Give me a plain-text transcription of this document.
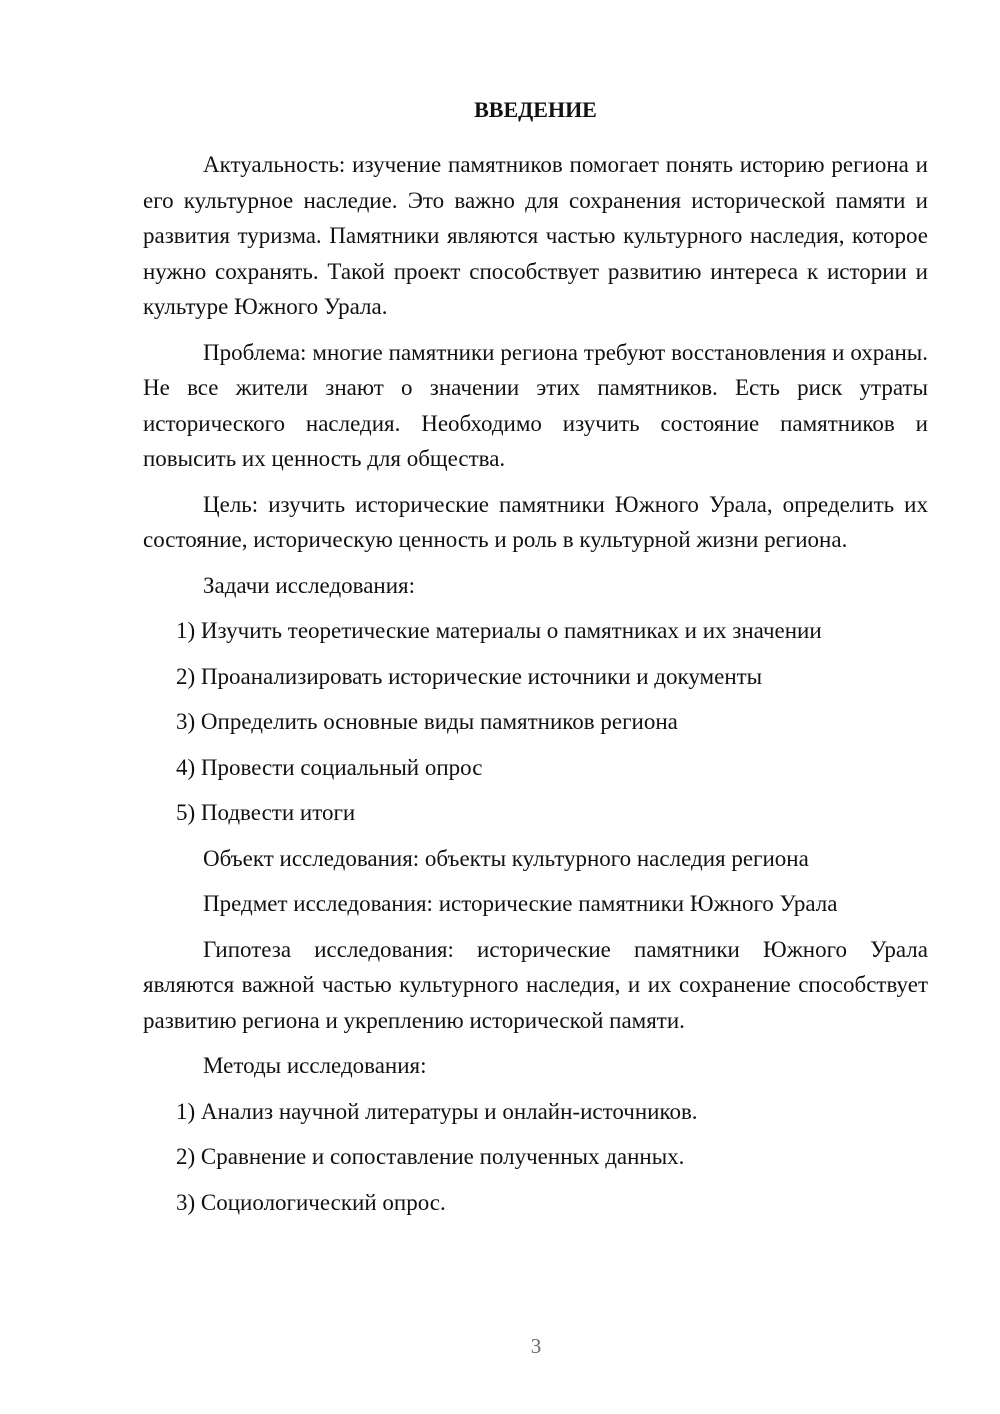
ВВЕДЕНИЕ

Актуальность: изучение памятников помогает понять историю региона и его культурное наследие. Это важно для сохранения исторической памяти и развития туризма. Памятники являются частью культурного наследия, которое нужно сохранять. Такой проект способствует развитию интереса к истории и культуре Южного Урала.

Проблема: многие памятники региона требуют восстановления и охраны. Не все жители знают о значении этих памятников. Есть риск утраты исторического наследия. Необходимо изучить состояние памятников и повысить их ценность для общества.

Цель: изучить исторические памятники Южного Урала, определить их состояние, историческую ценность и роль в культурной жизни региона.

Задачи исследования:

1) Изучить теоретические материалы о памятниках и их значении

2) Проанализировать исторические источники и документы

3) Определить основные виды памятников региона

4) Провести социальный опрос

5) Подвести итоги

Объект исследования: объекты культурного наследия региона

Предмет исследования: исторические памятники Южного Урала

Гипотеза исследования: исторические памятники Южного Урала являются важной частью культурного наследия, и их сохранение способствует развитию региона и укреплению исторической памяти.

Методы исследования:

1) Анализ научной литературы и онлайн-источников.

2) Сравнение и сопоставление полученных данных.

3) Социологический опрос.

3
